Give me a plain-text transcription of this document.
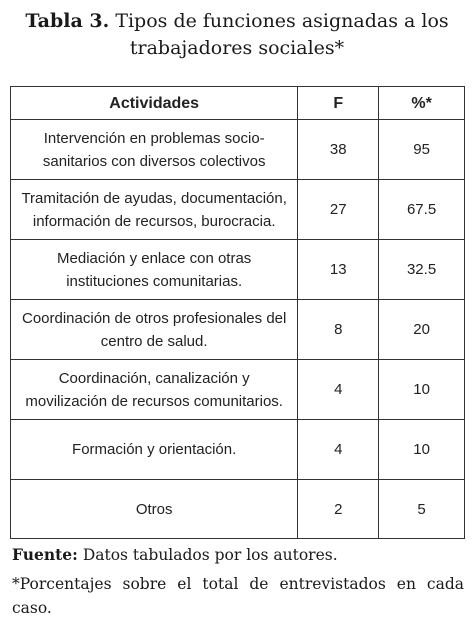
Tabla 3. Tipos de funciones asignadas a los trabajadores sociales*
Actividades	F	%*
Intervención en problemas socio-sanitarios con diversos colectivos	38	95
Tramitación de ayudas, documentación, información de recursos, burocracia.	27	67.5
Mediación y enlace con otras instituciones comunitarias.	13	32.5
Coordinación de otros profesionales del centro de salud.	8	20
Coordinación, canalización y movilización de recursos comunitarios.	4	10
Formación y orientación.	4	10
Otros	2	5
Fuente: Datos tabulados por los autores.
*Porcentajes sobre el total de entrevistados en cada caso.
